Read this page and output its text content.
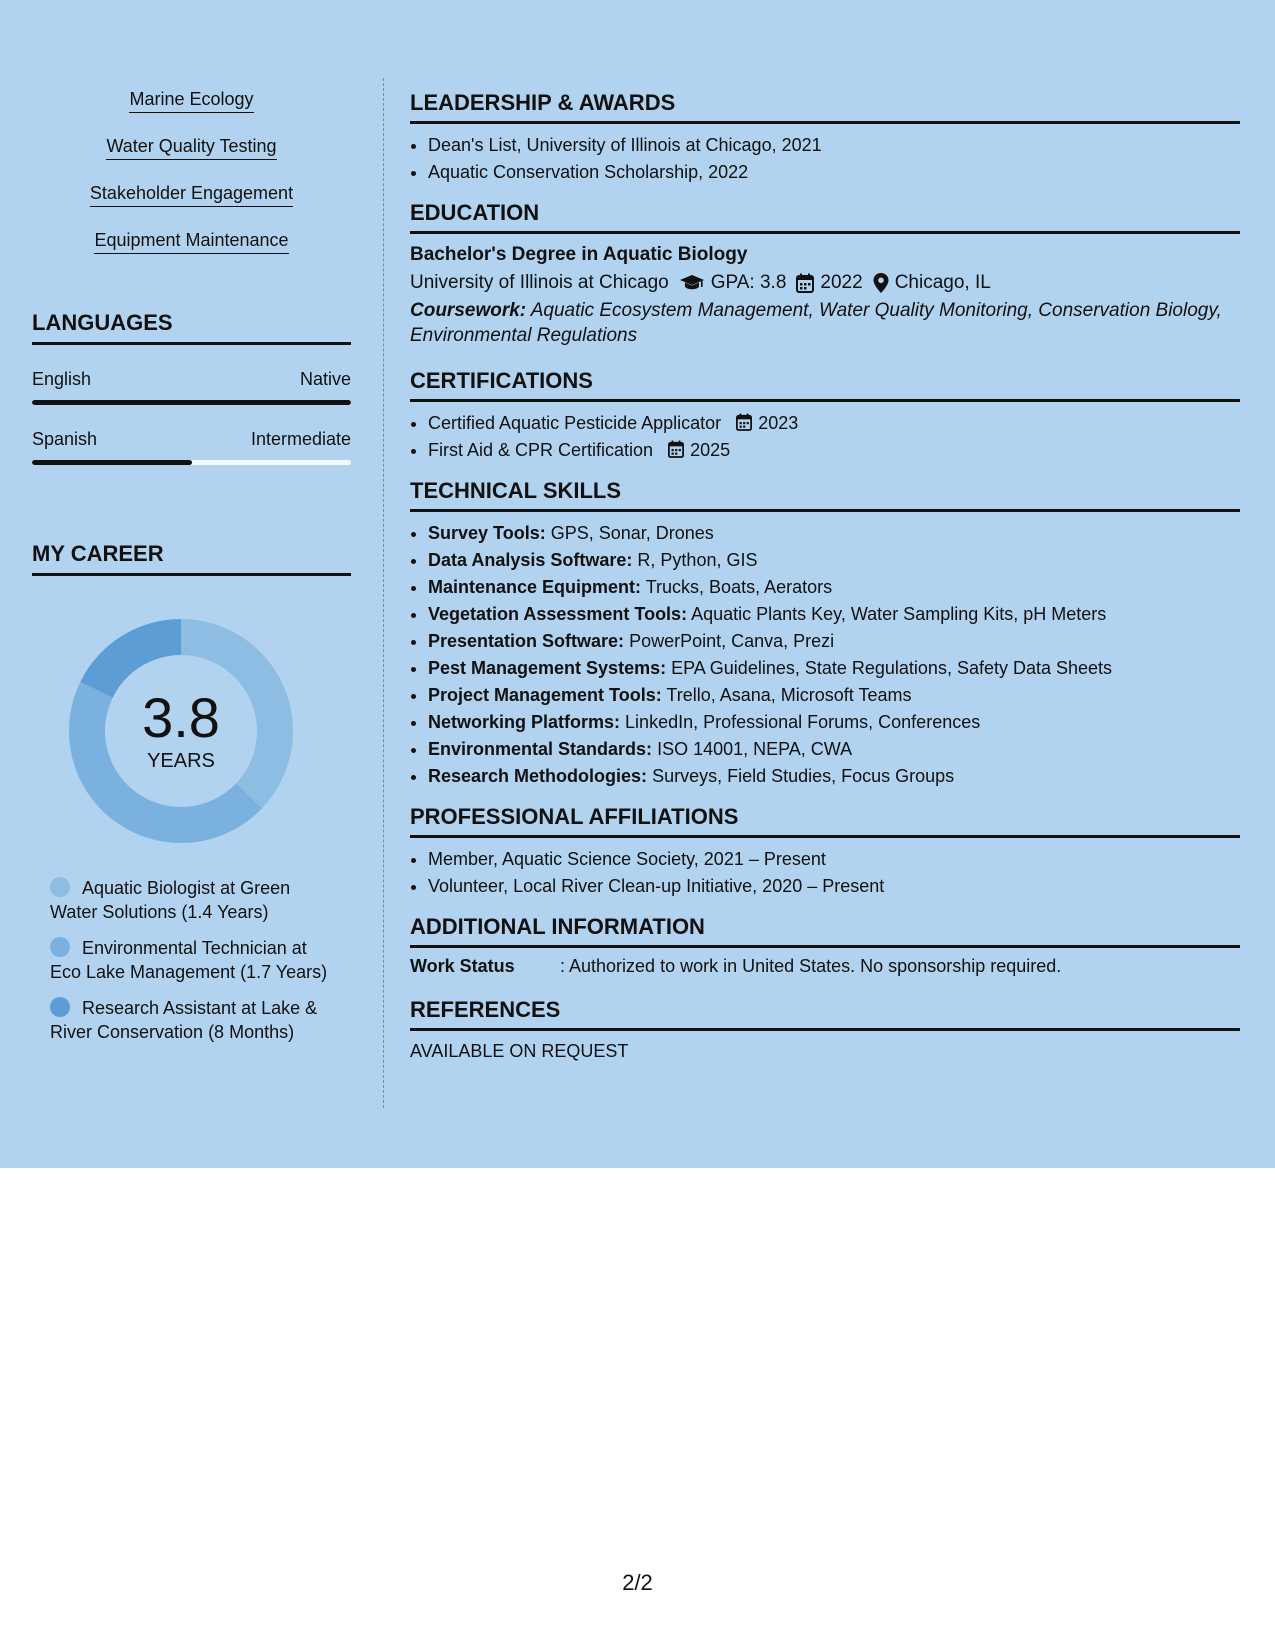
Marine Ecology
Water Quality Testing
Stakeholder Engagement
Equipment Maintenance
LANGUAGES
English	Native
Spanish	Intermediate
MY CAREER
3.8
YEARS
Aquatic Biologist at Green Water Solutions (1.4 Years)
Environmental Technician at Eco Lake Management (1.7 Years)
Research Assistant at Lake & River Conservation (8 Months)
LEADERSHIP & AWARDS
• Dean's List, University of Illinois at Chicago, 2021
• Aquatic Conservation Scholarship, 2022
EDUCATION
Bachelor's Degree in Aquatic Biology
University of Illinois at Chicago GPA: 3.8 2022 Chicago, IL
Coursework: Aquatic Ecosystem Management, Water Quality Monitoring, Conservation Biology, Environmental Regulations
CERTIFICATIONS
• Certified Aquatic Pesticide Applicator 2023
• First Aid & CPR Certification 2025
TECHNICAL SKILLS
• Survey Tools: GPS, Sonar, Drones
• Data Analysis Software: R, Python, GIS
• Maintenance Equipment: Trucks, Boats, Aerators
• Vegetation Assessment Tools: Aquatic Plants Key, Water Sampling Kits, pH Meters
• Presentation Software: PowerPoint, Canva, Prezi
• Pest Management Systems: EPA Guidelines, State Regulations, Safety Data Sheets
• Project Management Tools: Trello, Asana, Microsoft Teams
• Networking Platforms: LinkedIn, Professional Forums, Conferences
• Environmental Standards: ISO 14001, NEPA, CWA
• Research Methodologies: Surveys, Field Studies, Focus Groups
PROFESSIONAL AFFILIATIONS
• Member, Aquatic Science Society, 2021 – Present
• Volunteer, Local River Clean-up Initiative, 2020 – Present
ADDITIONAL INFORMATION
Work Status	: Authorized to work in United States. No sponsorship required.
REFERENCES
AVAILABLE ON REQUEST
2/2
